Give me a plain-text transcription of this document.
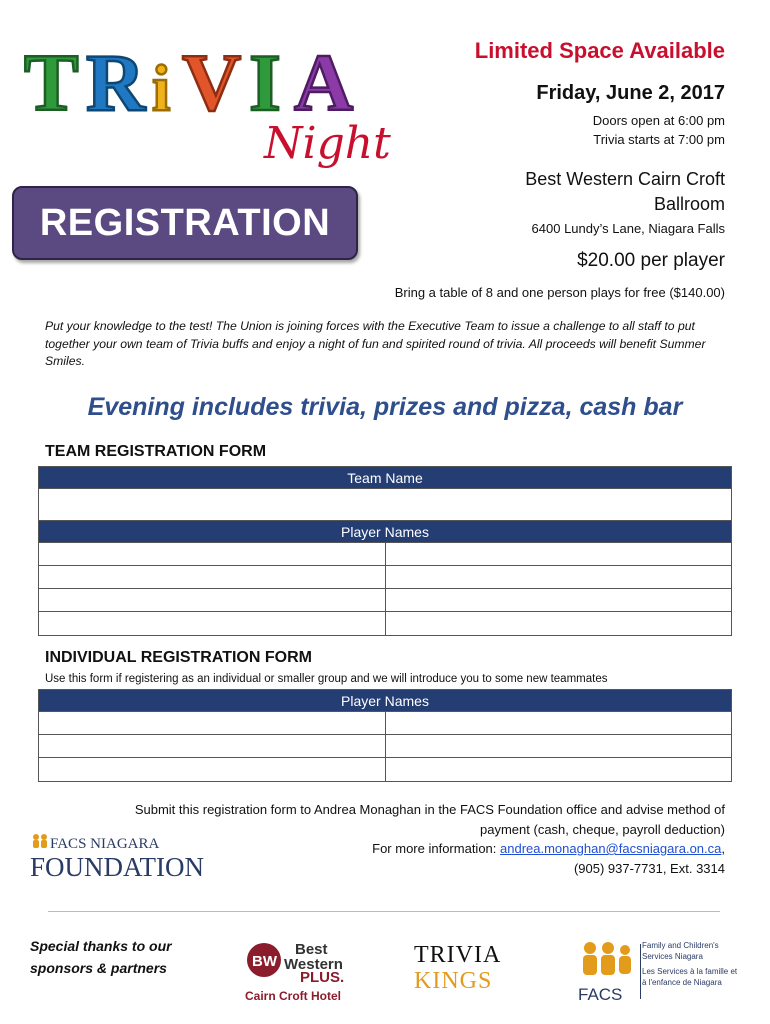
T R i V I A
Night
REGISTRATION
Limited Space Available
Friday, June 2, 2017
Doors open at 6:00 pm
Trivia starts at 7:00 pm
Best Western Cairn Croft
Ballroom
6400 Lundy’s Lane, Niagara Falls
$20.00 per player
Bring a table of 8 and one person plays for free ($140.00)
Put your knowledge to the test! The Union is joining forces with the Executive Team to issue a challenge to all staff to put together your own team of Trivia buffs and enjoy a night of fun and spirited round of trivia. All proceeds will benefit Summer Smiles.
Evening includes trivia, prizes and pizza, cash bar
TEAM REGISTRATION FORM
Team Name
Player Names
INDIVIDUAL REGISTRATION FORM
Use this form if registering as an individual or smaller group and we will introduce you to some new teammates
Player Names
Submit this registration form to Andrea Monaghan in the FACS Foundation office and advise method of
payment (cash, cheque, payroll deduction)
For more information: andrea.monaghan@facsniagara.on.ca,
(905) 937-7731, Ext. 3314
FACS NIAGARA
FOUNDATION
Special thanks to our sponsors & partners	BW
Best
Western
PLUS.
Cairn Croft Hotel
TRIVIA
KINGS
FACS
Family and Children's Services Niagara
Les Services à la famille et à l'enfance de Niagara
